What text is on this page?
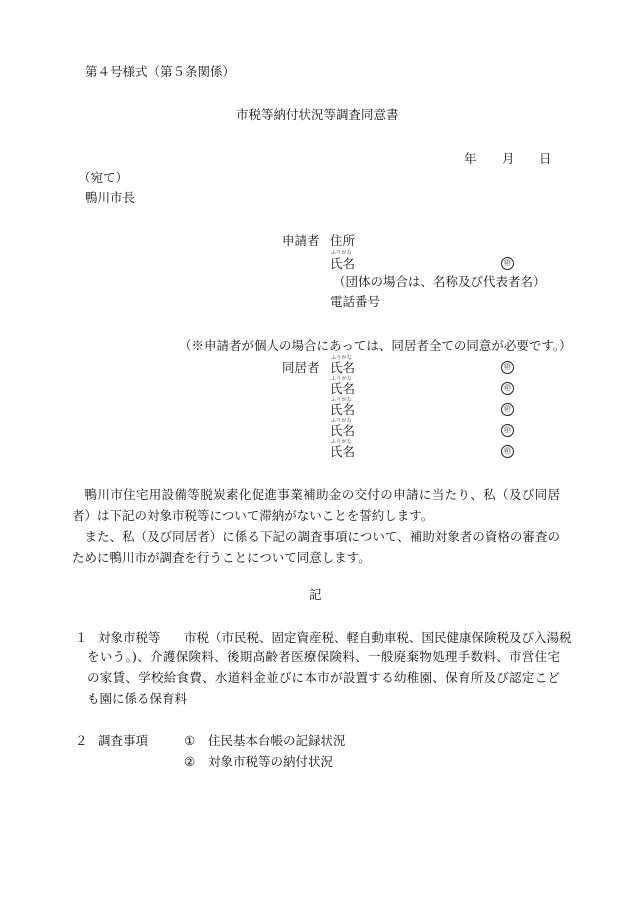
第４号様式（第５条関係）
市税等納付状況等調査同意書
年 月 日
（宛て）
鴨川市長
申請者 住所
ふりがな
氏名	㊞
（団体の場合は、名称及び代表者名）
電話番号
（※申請者が個人の場合にあっては、同居者全ての同意が必要です。）
同居者
ふりがな
氏名	㊞
ふりがな
氏名	㊞
ふりがな
氏名	㊞
ふりがな
氏名	㊞
ふりがな
氏名	㊞
鴨川市住宅用設備等脱炭素化促進事業補助金の交付の申請に当たり、私（及び同居者）は下記の対象市税等について滞納がないことを誓約します。
また、私（及び同居者）に係る下記の調査事項について、補助対象者の資格の審査のために鴨川市が調査を行うことについて同意します。
記
１ 対象市税等 市税（市民税、固定資産税、軽自動車税、国民健康保険税及び入湯税
をいう。)、介護保険料、後期高齢者医療保険料、一般廃棄物処理手数料、市営住宅の家賃、学校給食費、水道料金並びに本市が設置する幼稚園、保育所及び認定こども園に係る保育料
２ 調査事項	① 住民基本台帳の記録状況
② 対象市税等の納付状況
